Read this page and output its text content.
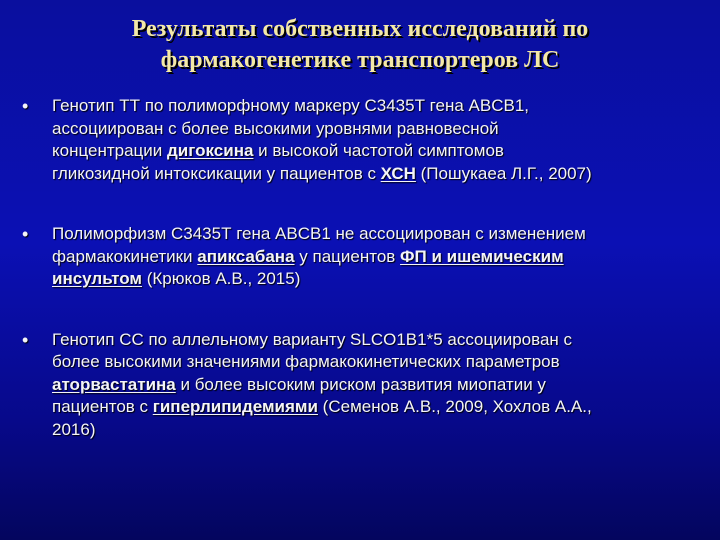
Результаты собственных исследований по
фармакогенетике транспортеров ЛС
•	Генотип ТТ по полиморфному маркеру С3435Т гена ABCB1,
ассоциирован с более высокими уровнями равновесной
концентрации дигоксина и высокой частотой симптомов
гликозидной интоксикации у пациентов с ХСН (Пошукаеа Л.Г., 2007)
•	Полиморфизм С3435Т гена ABCB1 не ассоциирован с изменением
фармакокинетики апиксабана у пациентов ФП и ишемическим
инсультом (Крюков А.В., 2015)
•	Генотип СС по аллельному варианту SLCO1B1*5 ассоциирован с
более высокими значениями фармакокинетических параметров
аторвастатина и более высоким риском развития миопатии у
пациентов с гиперлипидемиями (Семенов А.В., 2009, Хохлов А.А.,
2016)
